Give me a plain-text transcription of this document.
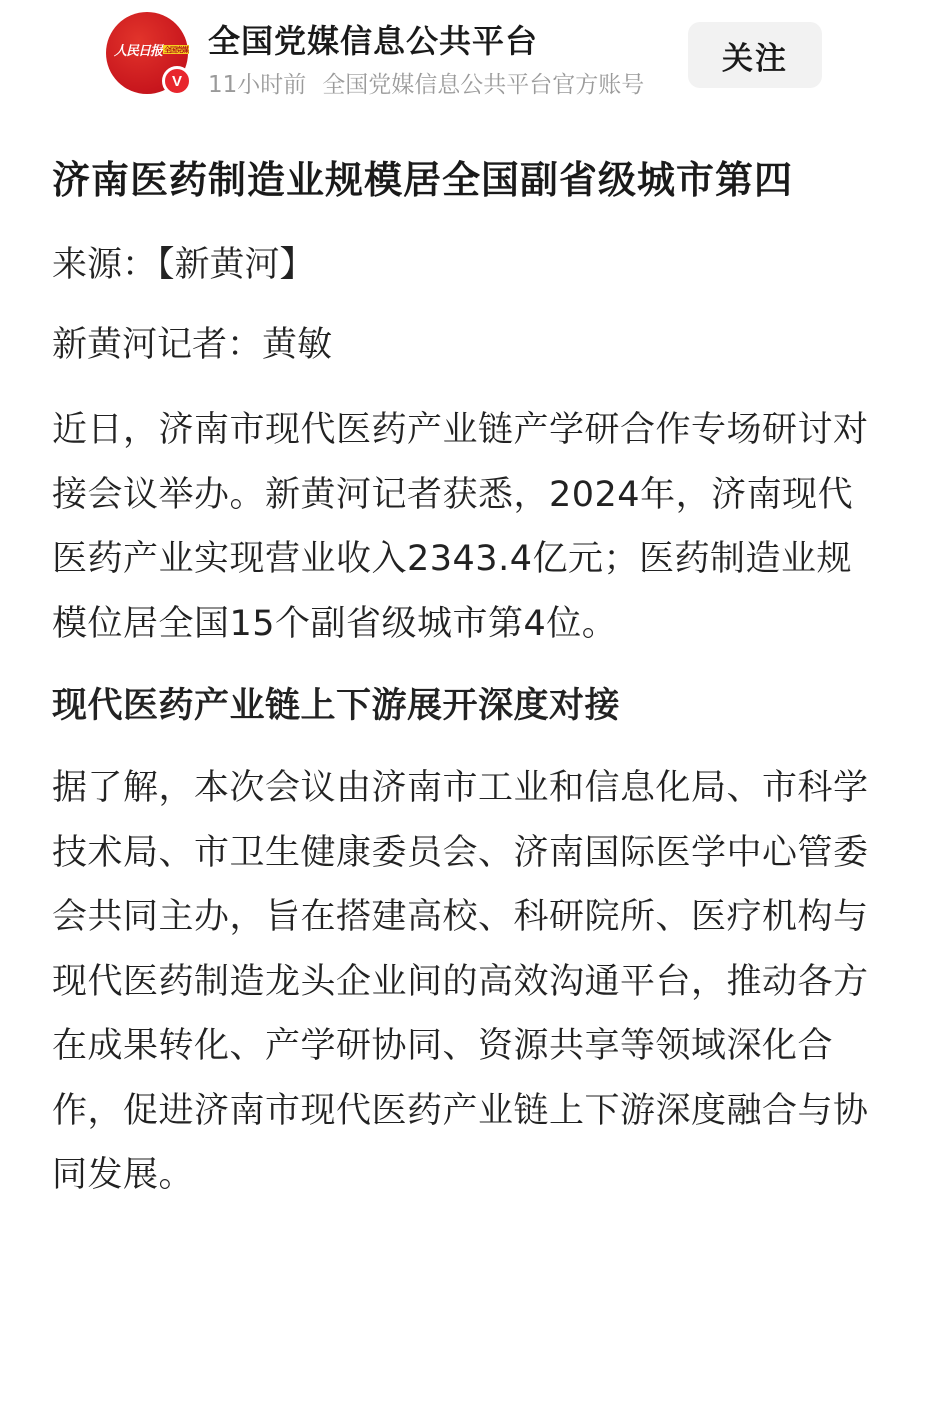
人民日报 $^{全国党媒}$
V
全国党媒信息公共平台
11小时前 全国党媒信息公共平台官方账号
关注
济南医药制造业规模居全国副省级城市第四
来源：【新黄河】
新黄河记者：黄敏

近日，济南市现代医药产业链产学研合作专场研讨对接会议举办。新黄河记者获悉，2024年，济南现代医药产业实现营业收入2343.4亿元；医药制造业规模位居全国15个副省级城市第4位。

现代医药产业链上下游展开深度对接

据了解，本次会议由济南市工业和信息化局、市科学技术局、市卫生健康委员会、济南国际医学中心管委会共同主办，旨在搭建高校、科研院所、医疗机构与现代医药制造龙头企业间的高效沟通平台，推动各方在成果转化、产学研协同、资源共享等领域深化合作，促进济南市现代医药产业链上下游深度融合与协同发展。
